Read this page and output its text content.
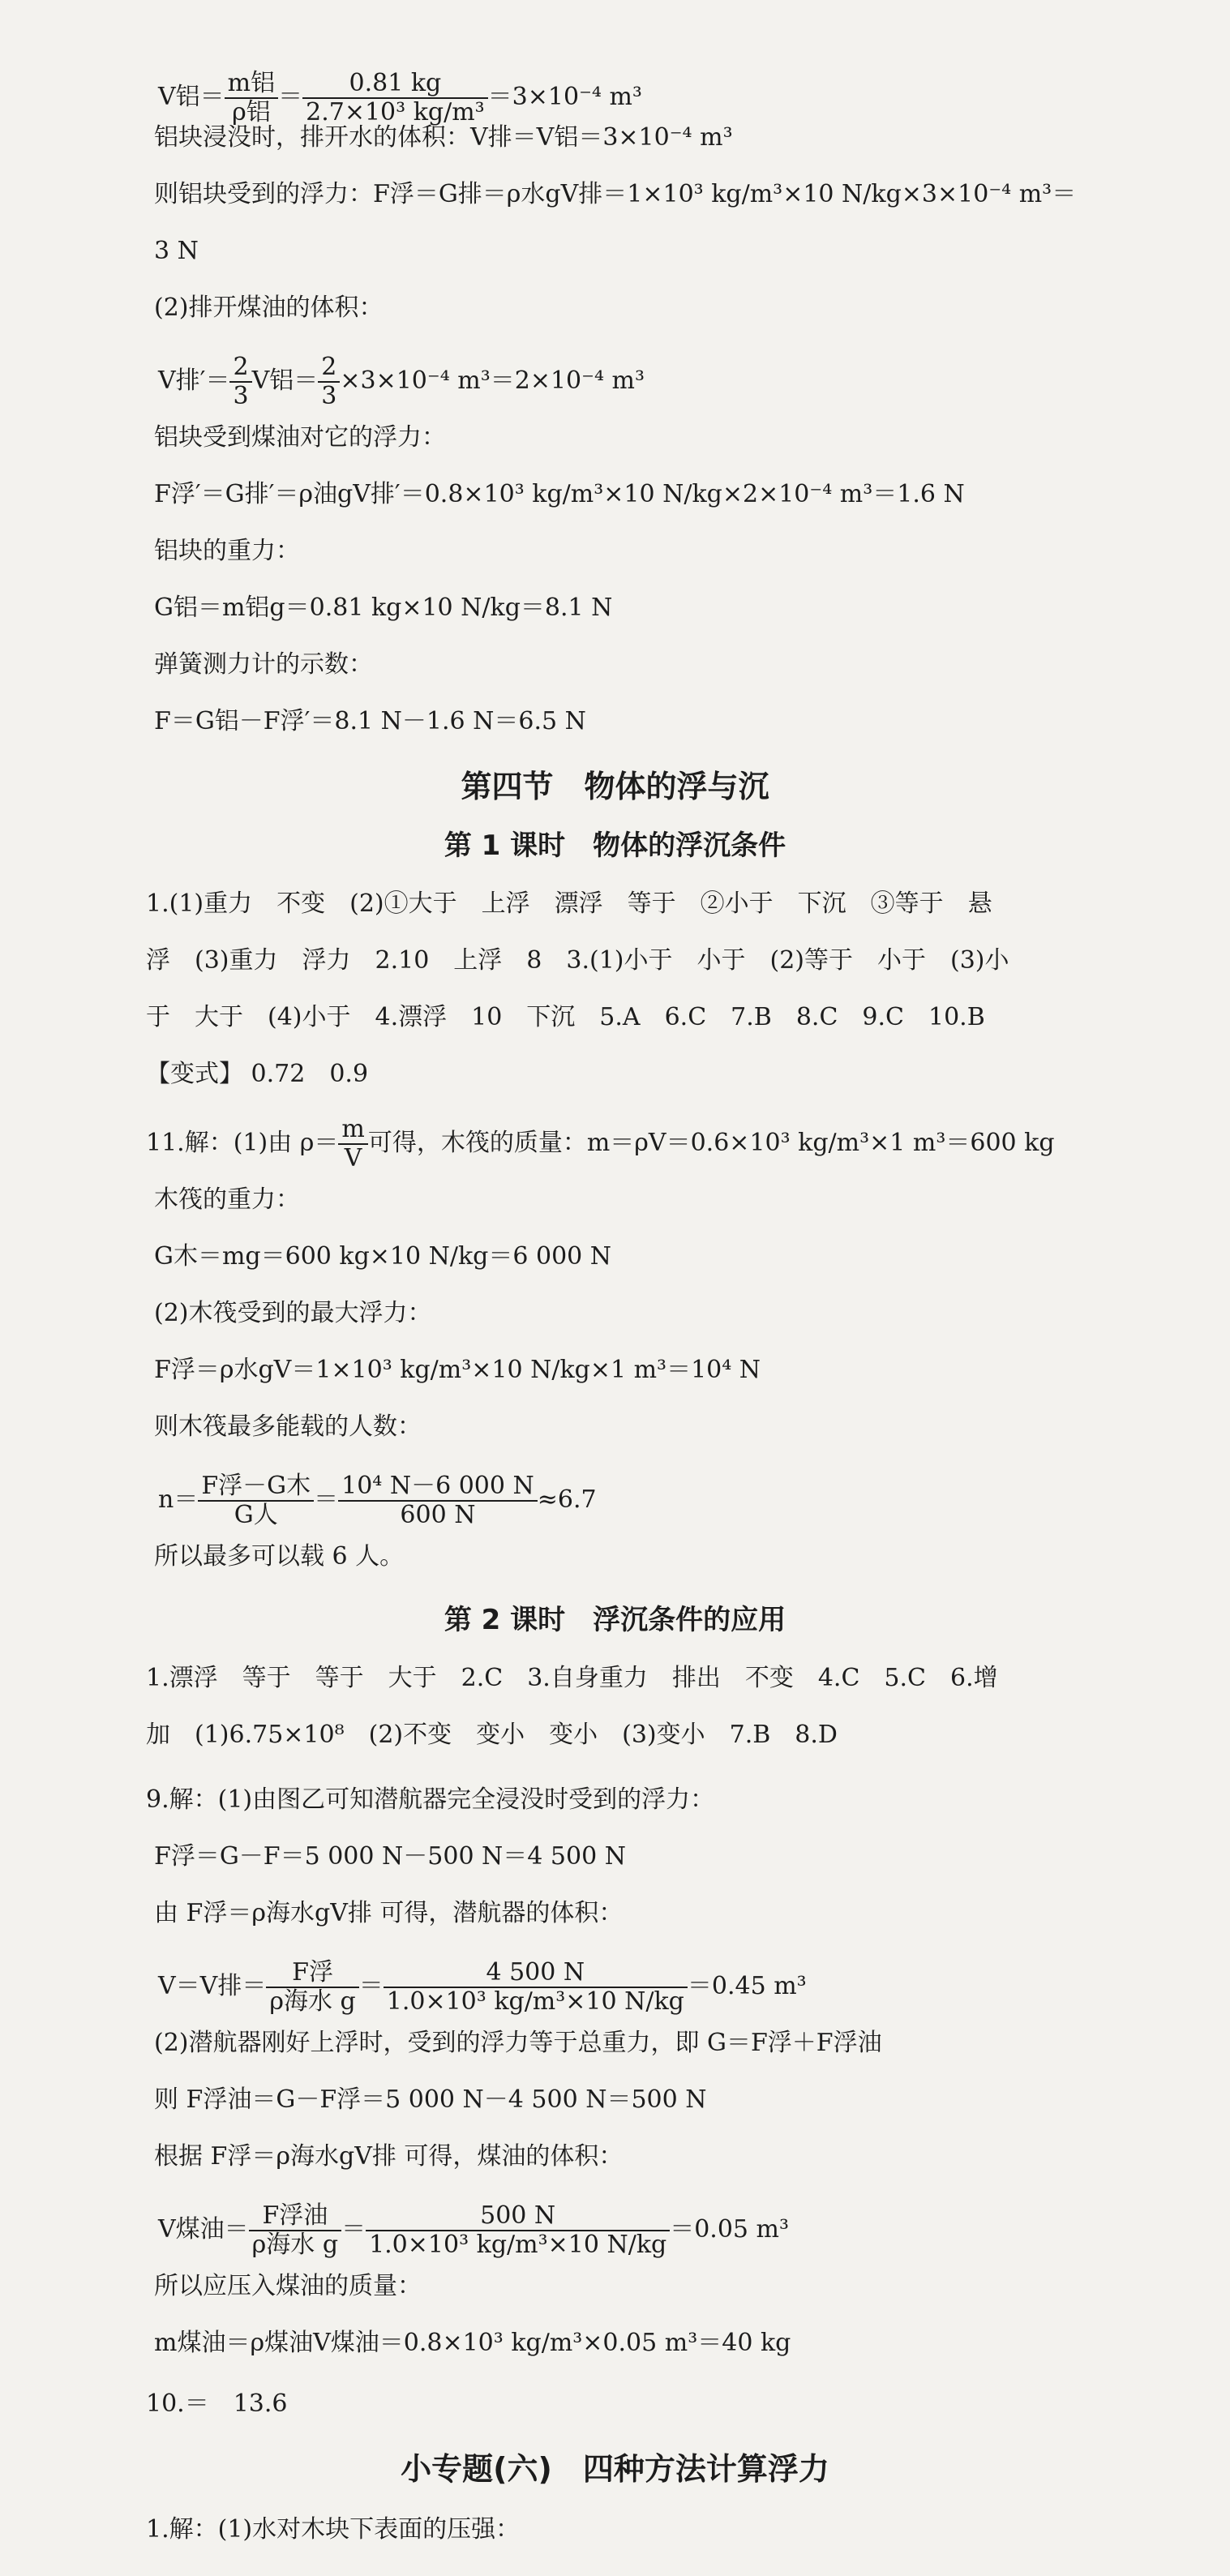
V铝＝ $\frac{\text{m铝}}{\text{ρ铝}} = \frac{0.81 kg}{\text{2.7×10³ kg/m³}} =3\times 10^{-4}$ m³
铝块浸没时，排开水的体积：V排＝V铝＝3×10⁻⁴ m³
则铝块受到的浮力：F浮＝G排＝ρ水gV排＝1×10³ kg/m³×10 N/kg×3×10⁻⁴ m³＝
3 N
(2)排开煤油的体积：
V排′＝ $\frac{2}{3}$ V铝＝ $\frac{2}{3} \times 3\times 10^{-4}$ m³＝2×10⁻⁴ m³
铝块受到煤油对它的浮力：
F浮′＝G排′＝ρ油gV排′＝0.8×10³ kg/m³×10 N/kg×2×10⁻⁴ m³＝1.6 N
铝块的重力：
G铝＝m铝g＝0.81 kg×10 N/kg＝8.1 N
弹簧测力计的示数：
F＝G铝－F浮′＝8.1 N－1.6 N＝6.5 N
第四节　物体的浮与沉
第 1 课时　物体的浮沉条件
1.(1)重力　不变　(2)①大于　上浮　漂浮　等于　②小于　下沉　③等于　悬
浮　(3)重力　浮力　2.10　上浮　8　3.(1)小于　小于　(2)等于　小于　(3)小
于　大于　(4)小于　4.漂浮　10　下沉　5.A　6.C　7.B　8.C　9.C　10.B
【变式】 0.72　0.9
11.解：(1)由 $\rho= \frac{m}{V}$ 可得，木筏的质量：m＝ρV＝0.6×10³ kg/m³×1 m³＝600 kg
木筏的重力：
G木＝mg＝600 kg×10 N/kg＝6 000 N
(2)木筏受到的最大浮力：
F浮＝ρ水gV＝1×10³ kg/m³×10 N/kg×1 m³＝10⁴ N
则木筏最多能载的人数：
$n= \frac{\text{F浮－G木}}{\text{G人}} = \frac{\text{10⁴ N－6 000 N}}{600 N} \approx 6.7$
所以最多可以载 6 人。
第 2 课时　浮沉条件的应用
1.漂浮　等于　等于　大于　2.C　3.自身重力　排出　不变　4.C　5.C　6.增
加　(1)6.75×10⁸　(2)不变　变小　变小　(3)变小　7.B　8.D
9.解：(1)由图乙可知潜航器完全浸没时受到的浮力：
F浮＝G－F＝5 000 N－500 N＝4 500 N
由 F浮＝ρ海水gV排 可得，潜航器的体积：
V＝V排＝ $\frac{\text{F浮}}{\text{ρ海水 g}} = \frac{4 500 N}{\text{1.0×10³ kg/m³×10 N/kg}} =0.45$ m³
(2)潜航器刚好上浮时，受到的浮力等于总重力，即 G＝F浮＋F浮油
则 F浮油＝G－F浮＝5 000 N－4 500 N＝500 N
根据 F浮＝ρ海水gV排 可得，煤油的体积：
V煤油＝ $\frac{\text{F浮油}}{\text{ρ海水 g}} = \frac{500 N}{\text{1.0×10³ kg/m³×10 N/kg}} =0.05$ m³
所以应压入煤油的质量：
m煤油＝ρ煤油V煤油＝0.8×10³ kg/m³×0.05 m³＝40 kg
10.＝　13.6
小专题(六)　四种方法计算浮力
1.解：(1)水对木块下表面的压强：
